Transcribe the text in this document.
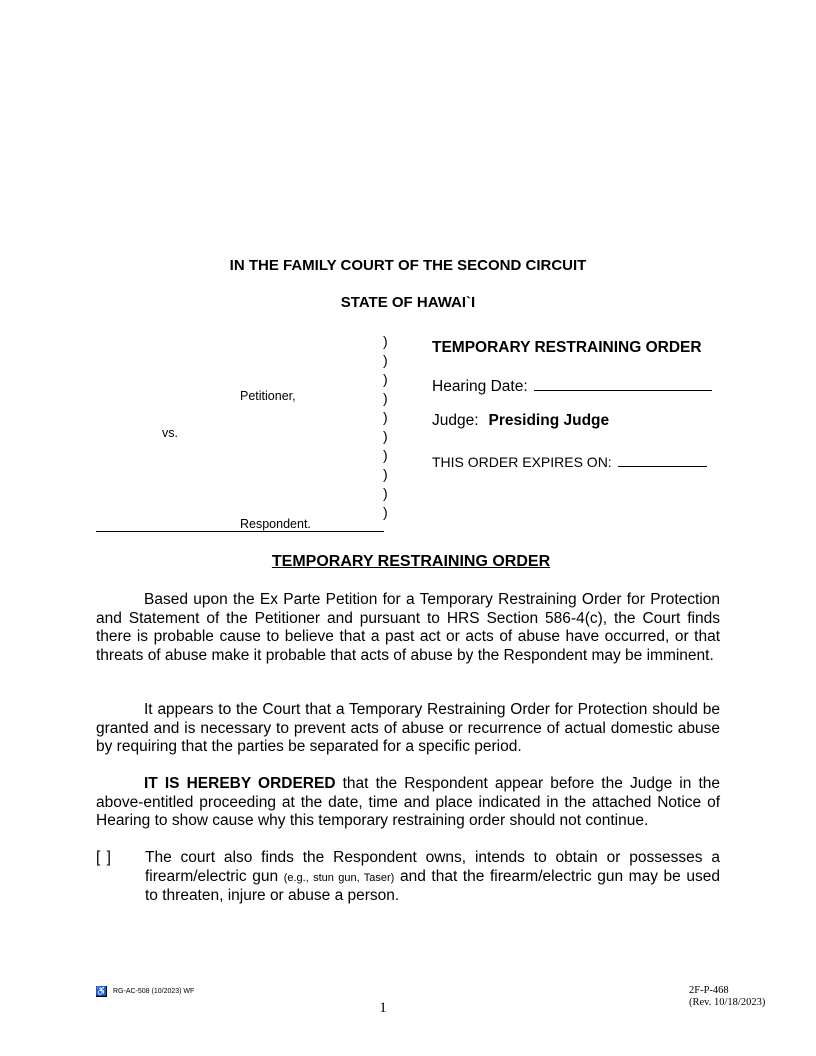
IN THE FAMILY COURT OF THE SECOND CIRCUIT
STATE OF HAWAI`I
)
)
)
)
)
)
)
)
)
)
Petitioner,
vs.
Respondent.
TEMPORARY RESTRAINING ORDER
Hearing Date:
Judge: Presiding Judge
THIS ORDER EXPIRES ON:
TEMPORARY RESTRAINING ORDER

Based upon the Ex Parte Petition for a Temporary Restraining Order for Protection and Statement of the Petitioner and pursuant to HRS Section 586-4(c), the Court finds there is probable cause to believe that a past act or acts of abuse have occurred, or that threats of abuse make it probable that acts of abuse by the Respondent may be imminent.

It appears to the Court that a Temporary Restraining Order for Protection should be granted and is necessary to prevent acts of abuse or recurrence of actual domestic abuse by requiring that the parties be separated for a specific period.

IT IS HEREBY ORDERED that the Respondent appear before the Judge in the above-entitled proceeding at the date, time and place indicated in the attached Notice of Hearing to show cause why this temporary restraining order should not continue.

[ ] The court also finds the Respondent owns, intends to obtain or possesses a firearm/electric gun (e.g., stun gun, Taser) and that the firearm/electric gun may be used to threaten, injure or abuse a person.

♿ RG-AC-508 (10/2023) WF
1
2F-P-468
(Rev. 10/18/2023)
